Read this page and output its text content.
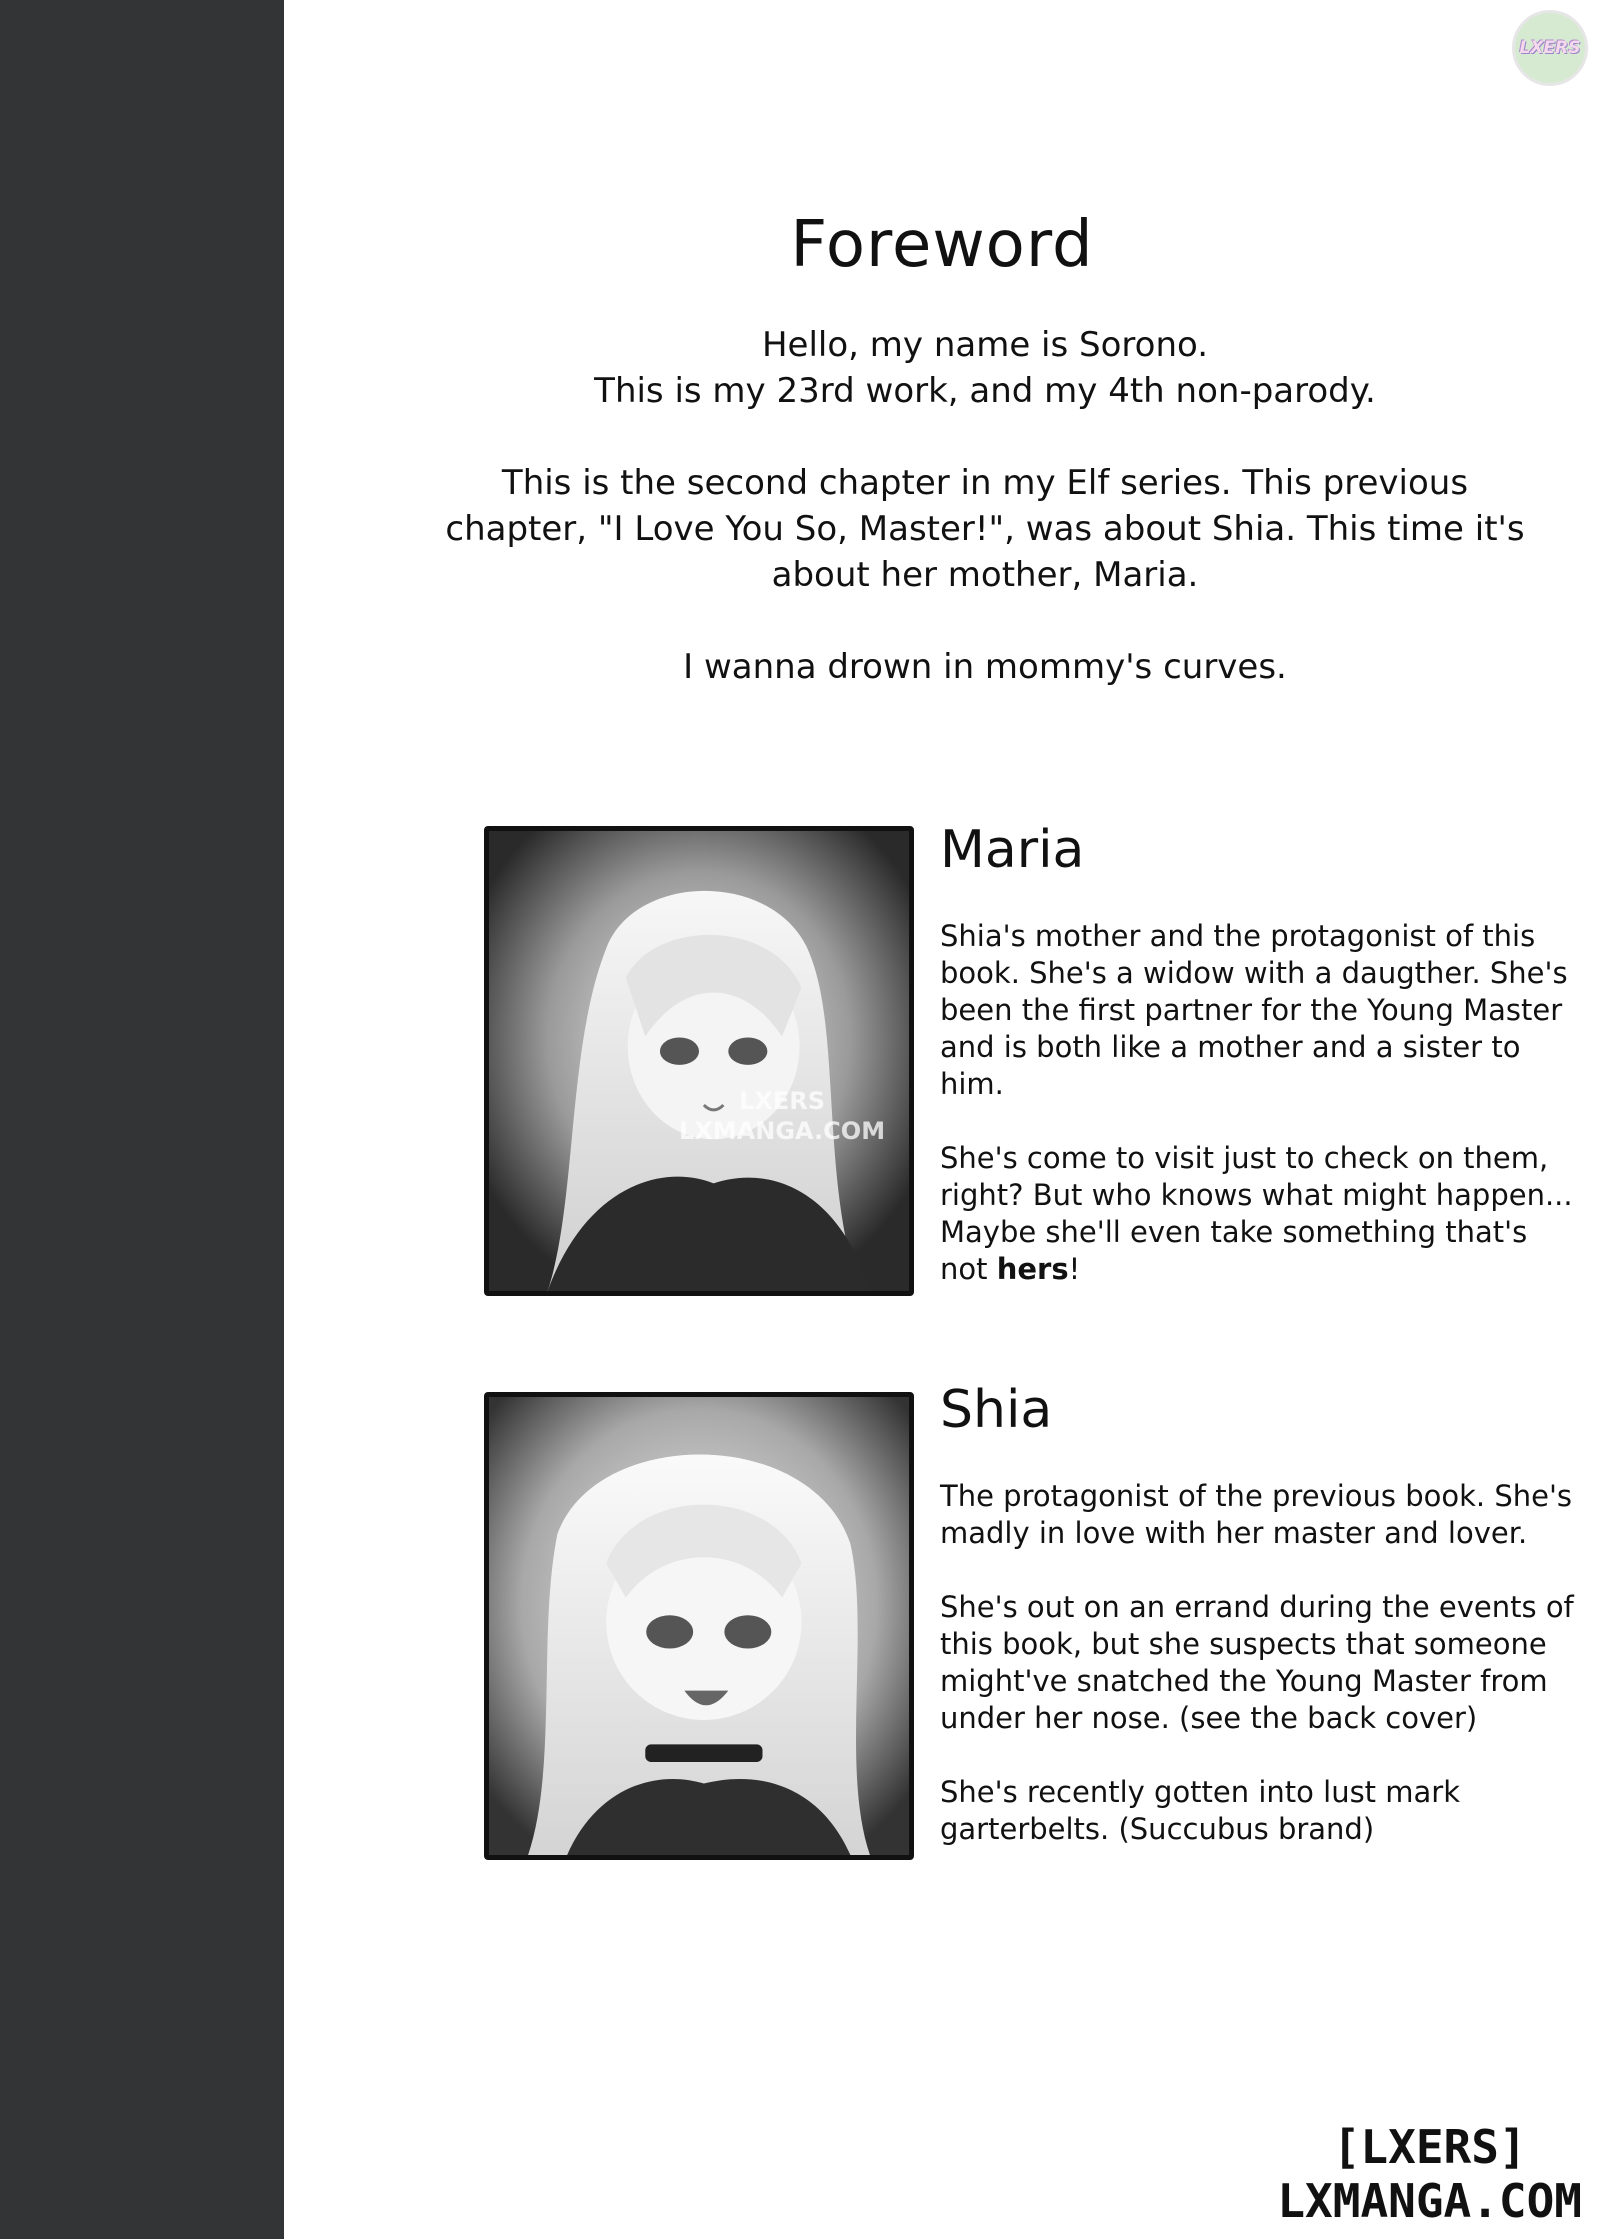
LXERS
Foreword

Hello, my name is Sorono.
This is my 23rd work, and my 4th non-parody.

This is the second chapter in my Elf series. This previous chapter, "I Love You So, Master!", was about Shia. This time it's about her mother, Maria.

I wanna drown in mommy's curves.

LXERS
LXMANGA.COM
Maria

Shia's mother and the protagonist of this book. She's a widow with a daugther. She's been the first partner for the Young Master and is both like a mother and a sister to him.

She's come to visit just to check on them, right? But who knows what might happen... Maybe she'll even take something that's not hers!

Shia

The protagonist of the previous book. She's madly in love with her master and lover.

She's out on an errand during the events of this book, but she suspects that someone might've snatched the Young Master from under her nose. (see the back cover)

She's recently gotten into lust mark garterbelts. (Succubus brand)

[LXERS]
LXMANGA.COM
